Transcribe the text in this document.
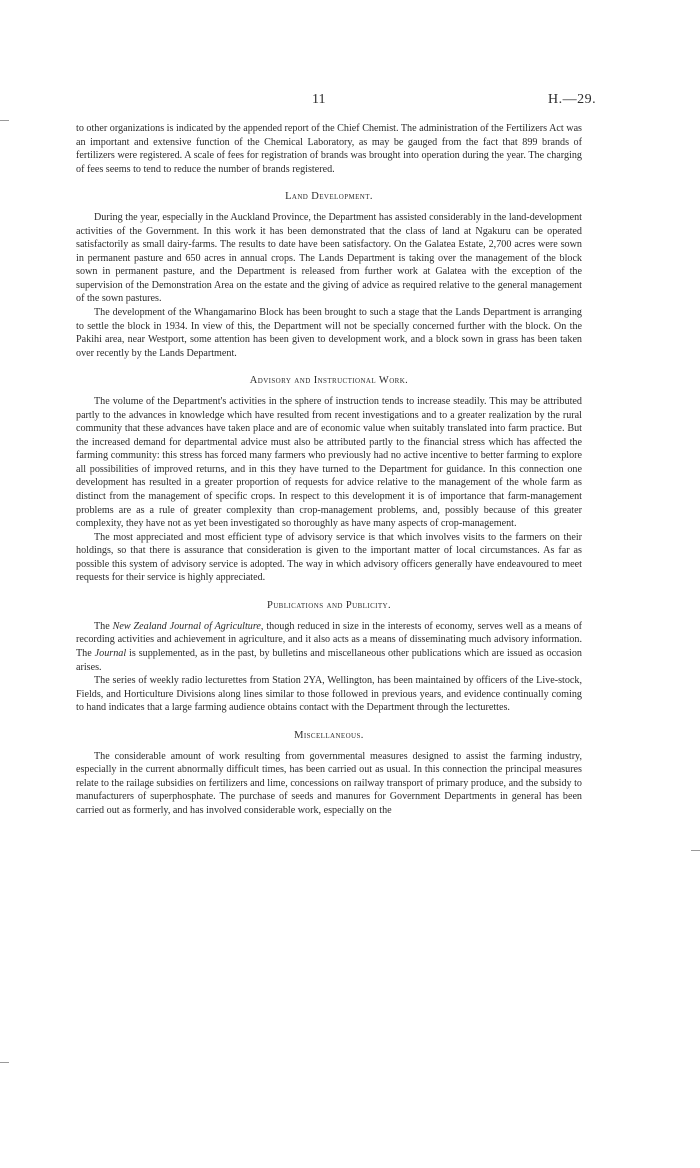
11	H.—29.

to other organizations is indicated by the appended report of the Chief Chemist. The administration of the Fertilizers Act was an important and extensive function of the Chemical Laboratory, as may be gauged from the fact that 899 brands of fertilizers were registered. A scale of fees for registration of brands was brought into operation during the year. The charging of fees seems to tend to reduce the number of brands registered.

Land Development.

During the year, especially in the Auckland Province, the Department has assisted considerably in the land-development activities of the Government. In this work it has been demonstrated that the class of land at Ngakuru can be operated satisfactorily as small dairy-farms. The results to date have been satisfactory. On the Galatea Estate, 2,700 acres were sown in permanent pasture and 650 acres in annual crops. The Lands Department is taking over the management of the block sown in permanent pasture, and the Department is released from further work at Galatea with the exception of the supervision of the Demonstration Area on the estate and the giving of advice as required relative to the general management of the sown pastures.

The development of the Whangamarino Block has been brought to such a stage that the Lands Department is arranging to settle the block in 1934. In view of this, the Department will not be specially concerned further with the block. On the Pakihi area, near Westport, some attention has been given to development work, and a block sown in grass has been taken over recently by the Lands Department.

Advisory and Instructional Work.

The volume of the Department's activities in the sphere of instruction tends to increase steadily. This may be attributed partly to the advances in knowledge which have resulted from recent investigations and to a greater realization by the rural community that these advances have taken place and are of economic value when suitably translated into farm practice. But the increased demand for departmental advice must also be attributed partly to the financial stress which has affected the farming community: this stress has forced many farmers who previously had no active incentive to better farming to explore all possibilities of improved returns, and in this they have turned to the Department for guidance. In this connection one development has resulted in a greater proportion of requests for advice relative to the management of the whole farm as distinct from the management of specific crops. In respect to this development it is of importance that farm-management problems are as a rule of greater complexity than crop-management problems, and, possibly because of this greater complexity, they have not as yet been investigated so thoroughly as have many aspects of crop-management.

The most appreciated and most efficient type of advisory service is that which involves visits to the farmers on their holdings, so that there is assurance that consideration is given to the important matter of local circumstances. As far as possible this system of advisory service is adopted. The way in which advisory officers generally have endeavoured to meet requests for their service is highly appreciated.

Publications and Publicity.

The New Zealand Journal of Agriculture, though reduced in size in the interests of economy, serves well as a means of recording activities and achievement in agriculture, and it also acts as a means of disseminating much advisory information. The Journal is supplemented, as in the past, by bulletins and miscellaneous other publications which are issued as occasion arises.

The series of weekly radio lecturettes from Station 2YA, Wellington, has been maintained by officers of the Live-stock, Fields, and Horticulture Divisions along lines similar to those followed in previous years, and evidence continually coming to hand indicates that a large farming audience obtains contact with the Department through the lecturettes.

Miscellaneous.

The considerable amount of work resulting from governmental measures designed to assist the farming industry, especially in the current abnormally difficult times, has been carried out as usual. In this connection the principal measures relate to the railage subsidies on fertilizers and lime, concessions on railway transport of primary produce, and the subsidy to manufacturers of superphosphate. The purchase of seeds and manures for Government Departments in general has been carried out as formerly, and has involved considerable work, especially on the
